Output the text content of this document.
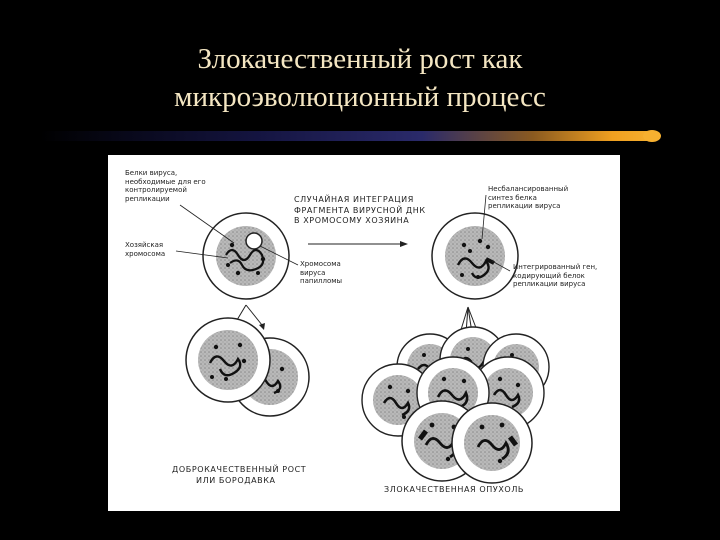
Злокачественный рост как
микроэволюционный процесс
Белки вируса,
необходимые для его
контролируемой
репликации
Хозяйская
хромосома
СЛУЧАЙНАЯ ИНТЕГРАЦИЯ
ФРАГМЕНТА ВИРУСНОЙ ДНК
В ХРОМОСОМУ ХОЗЯИНА
Хромосома
вируса
папилломы
Несбалансированный
синтез белка
репликации вируса
Интегрированный ген,
кодирующий белок
репликации вируса
ДОБРОКАЧЕСТВЕННЫЙ РОСТ
ИЛИ БОРОДАВКА
ЗЛОКАЧЕСТВЕННАЯ ОПУХОЛЬ
